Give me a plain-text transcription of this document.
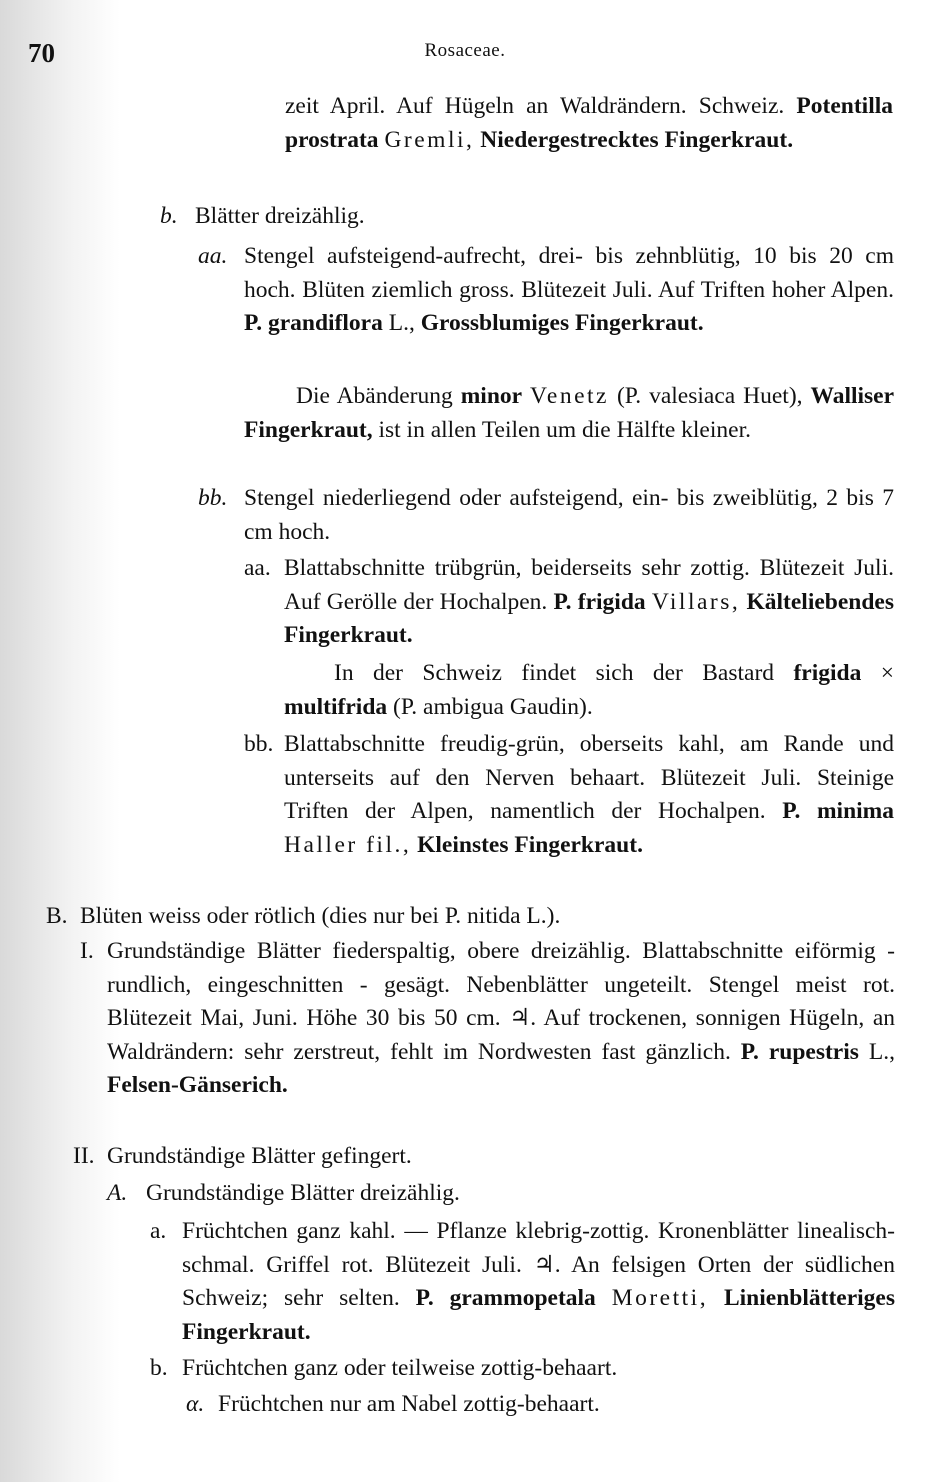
70	Rosaceae.
zeit April. Auf Hügeln an Waldrändern. Schweiz. Potentilla prostrata Gremli, Niedergestrecktes Fingerkraut.
b. Blätter dreizählig.
aa. Stengel aufsteigend-aufrecht, drei- bis zehnblütig, 10 bis 20 cm hoch. Blüten ziemlich gross. Blütezeit Juli. Auf Triften hoher Alpen. P. grandiflora L., Grossblumiges Fingerkraut.
Die Abänderung minor Venetz (P. valesiaca Huet), Walliser Fingerkraut, ist in allen Teilen um die Hälfte kleiner.
bb. Stengel niederliegend oder aufsteigend, ein- bis zweiblütig, 2 bis 7 cm hoch.
aa. Blattabschnitte trübgrün, beiderseits sehr zottig. Blütezeit Juli. Auf Gerölle der Hochalpen. P. frigida Villars, Kälteliebendes Fingerkraut.
In der Schweiz findet sich der Bastard frigida × multifrida (P. ambigua Gaudin).
bb. Blattabschnitte freudig-grün, oberseits kahl, am Rande und unterseits auf den Nerven behaart. Blütezeit Juli. Steinige Triften der Alpen, namentlich der Hochalpen. P. minima Haller fil., Kleinstes Fingerkraut.
B. Blüten weiss oder rötlich (dies nur bei P. nitida L.).
I. Grundständige Blätter fiederspaltig, obere dreizählig. Blattabschnitte eiförmig - rundlich, eingeschnitten - gesägt. Nebenblätter ungeteilt. Stengel meist rot. Blütezeit Mai, Juni. Höhe 30 bis 50 cm. ♃. Auf trockenen, sonnigen Hügeln, an Waldrändern: sehr zerstreut, fehlt im Nordwesten fast gänzlich. P. rupestris L., Felsen-Gänserich.
II. Grundständige Blätter gefingert.
A. Grundständige Blätter dreizählig.
a. Früchtchen ganz kahl. — Pflanze klebrig-zottig. Kronenblätter linealisch-schmal. Griffel rot. Blütezeit Juli. ♃. An felsigen Orten der südlichen Schweiz; sehr selten. P. grammopetala Moretti, Linienblätteriges Fingerkraut.
b. Früchtchen ganz oder teilweise zottig-behaart.
α. Früchtchen nur am Nabel zottig-behaart.
